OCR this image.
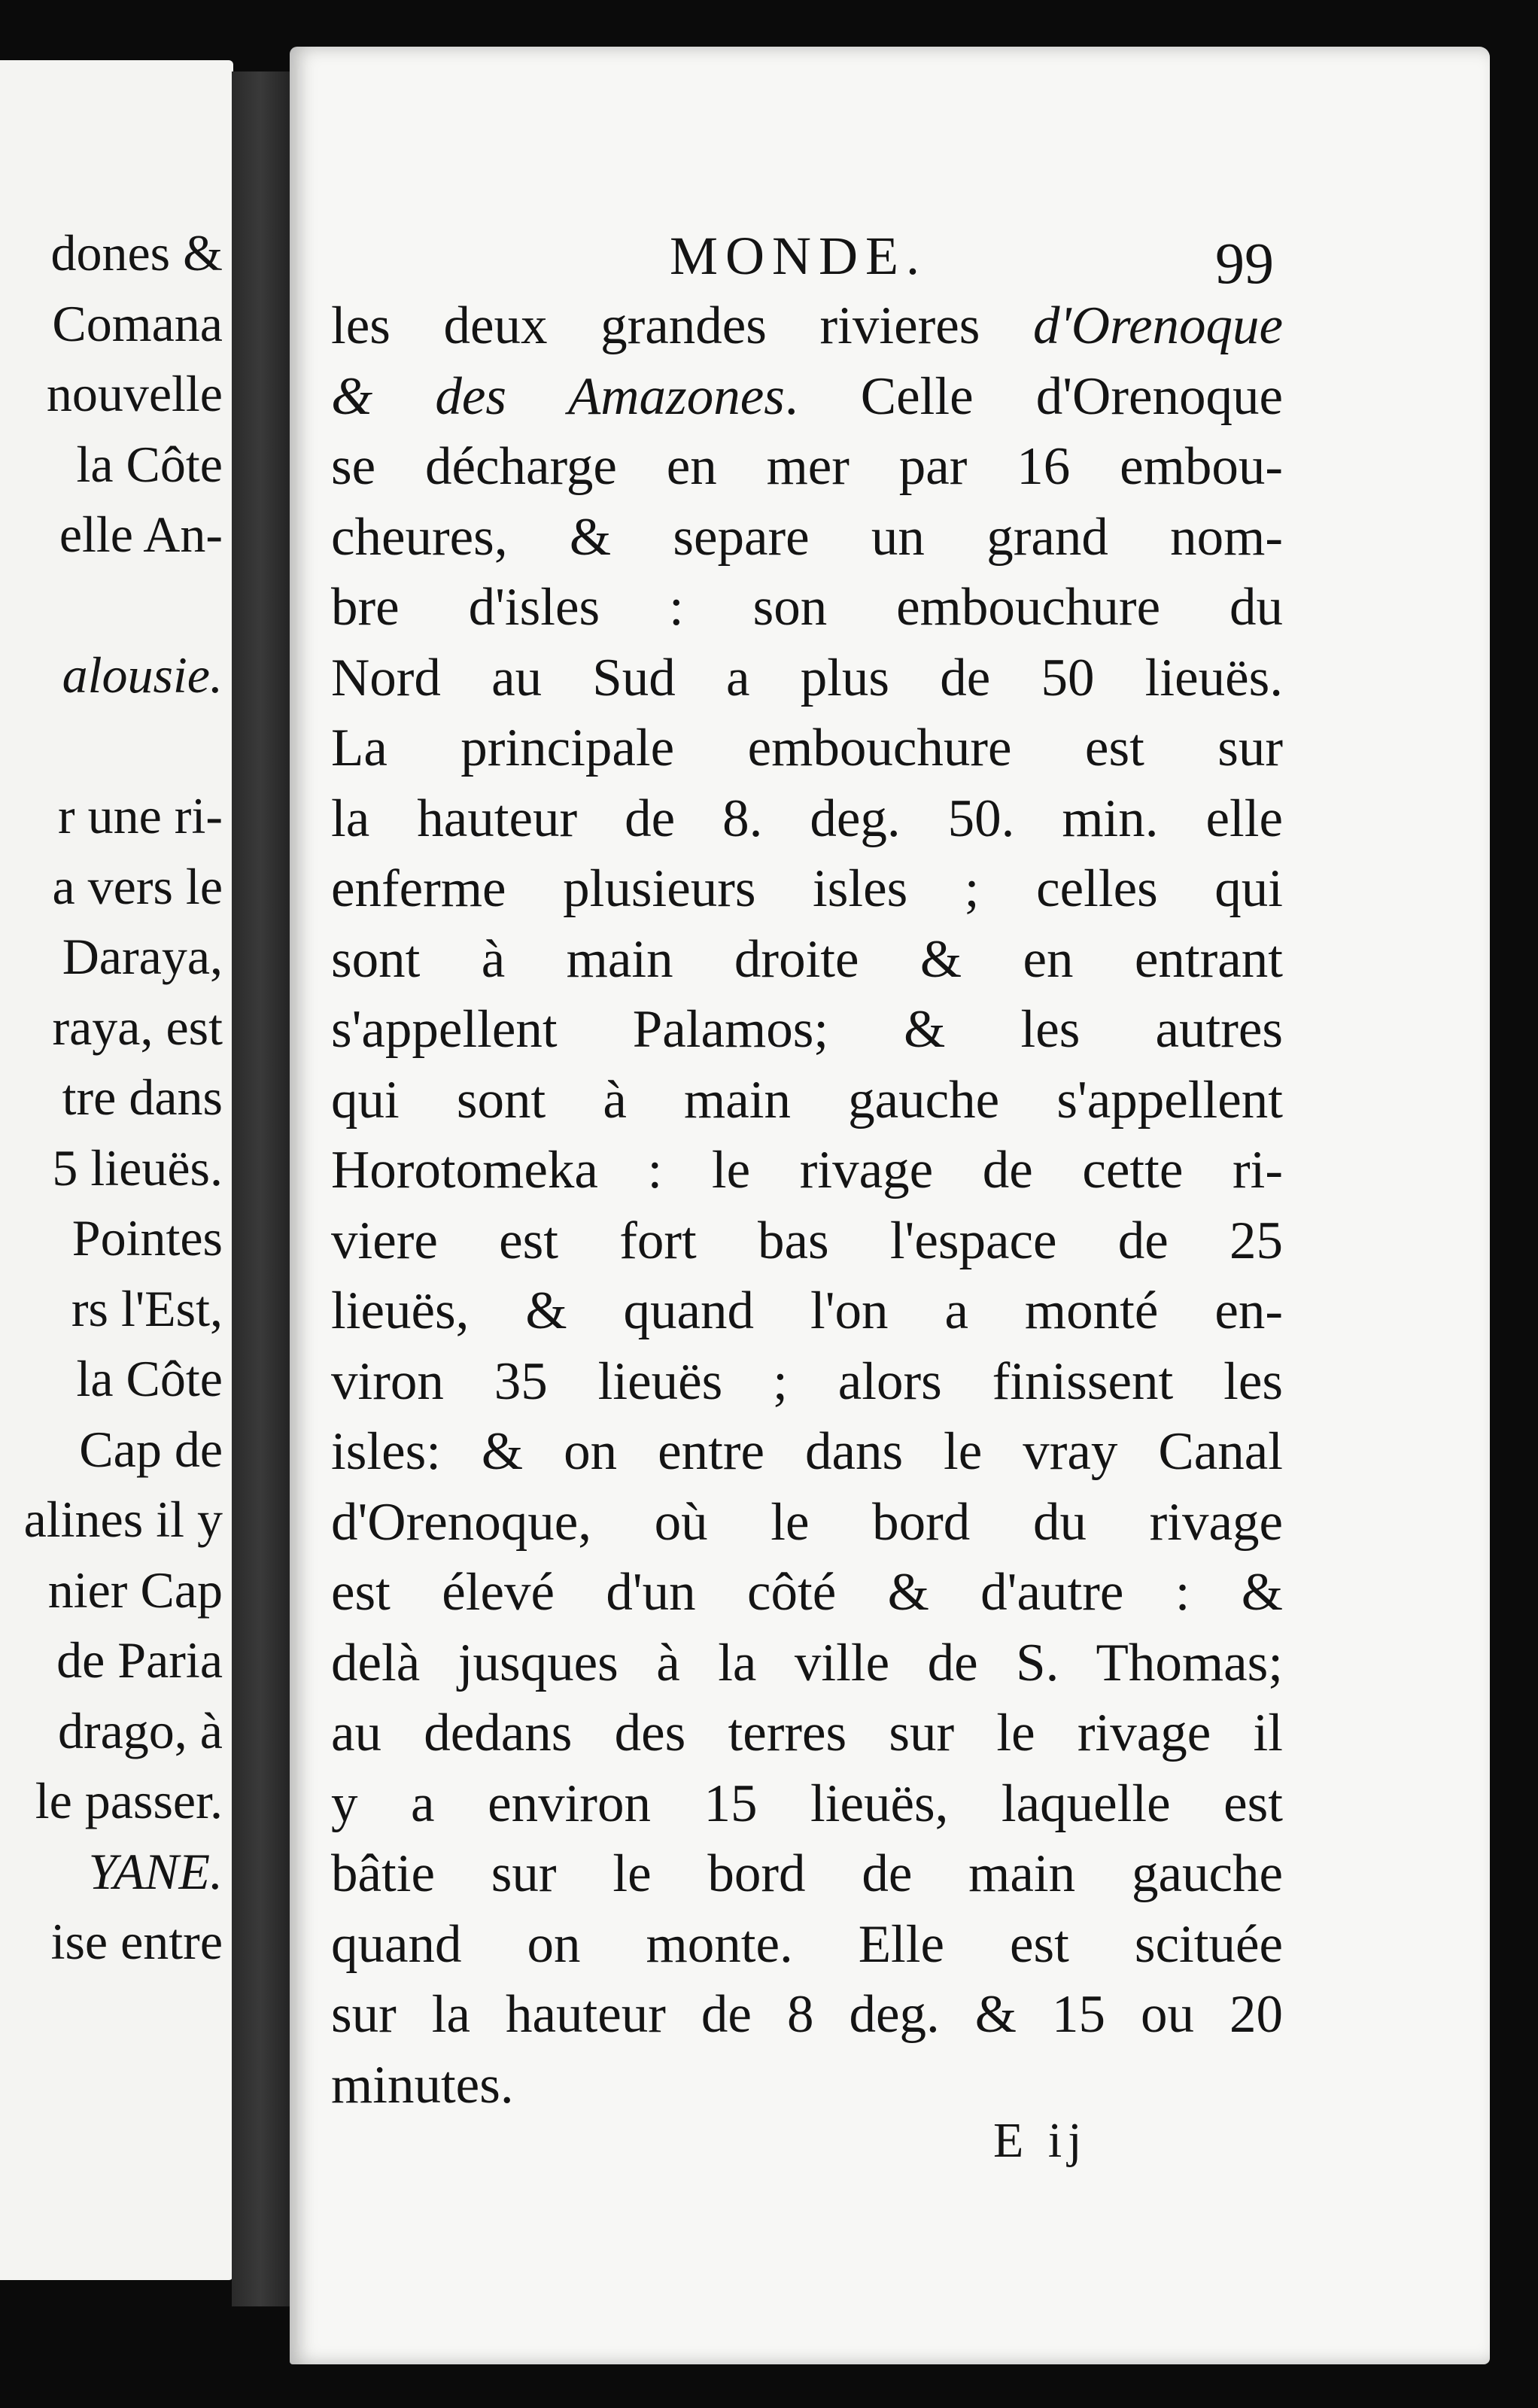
dones &
Comana
nouvelle
la Côte
elle An-
alousie.
r une ri-
a vers le
Daraya,
raya, est
tre dans
5 lieuës.
Pointes
rs l'Est,
la Côte
Cap de
alines il y
nier Cap
de Paria
drago, à
le passer.
YANE.
ise entre
MONDE.	99
les deux grandes rivieres d'Orenoque
& des Amazones. Celle d'Orenoque
se décharge en mer par 16 embou-
cheures, & separe un grand nom-
bre d'isles : son embouchure du
Nord au Sud a plus de 50 lieuës.
La principale embouchure est sur
la hauteur de 8. deg. 50. min. elle
enferme plusieurs isles ; celles qui
sont à main droite & en entrant
s'appellent Palamos; & les autres
qui sont à main gauche s'appellent
Horotomeka : le rivage de cette ri-
viere est fort bas l'espace de 25
lieuës, & quand l'on a monté en-
viron 35 lieuës ; alors finissent les
isles: & on entre dans le vray Canal
d'Orenoque, où le bord du rivage
est élevé d'un côté & d'autre : &
delà jusques à la ville de S. Thomas;
au dedans des terres sur le rivage il
y a environ 15 lieuës, laquelle est
bâtie sur le bord de main gauche
quand on monte. Elle est scituée
sur la hauteur de 8 deg. & 15 ou 20
minutes.
E ij
